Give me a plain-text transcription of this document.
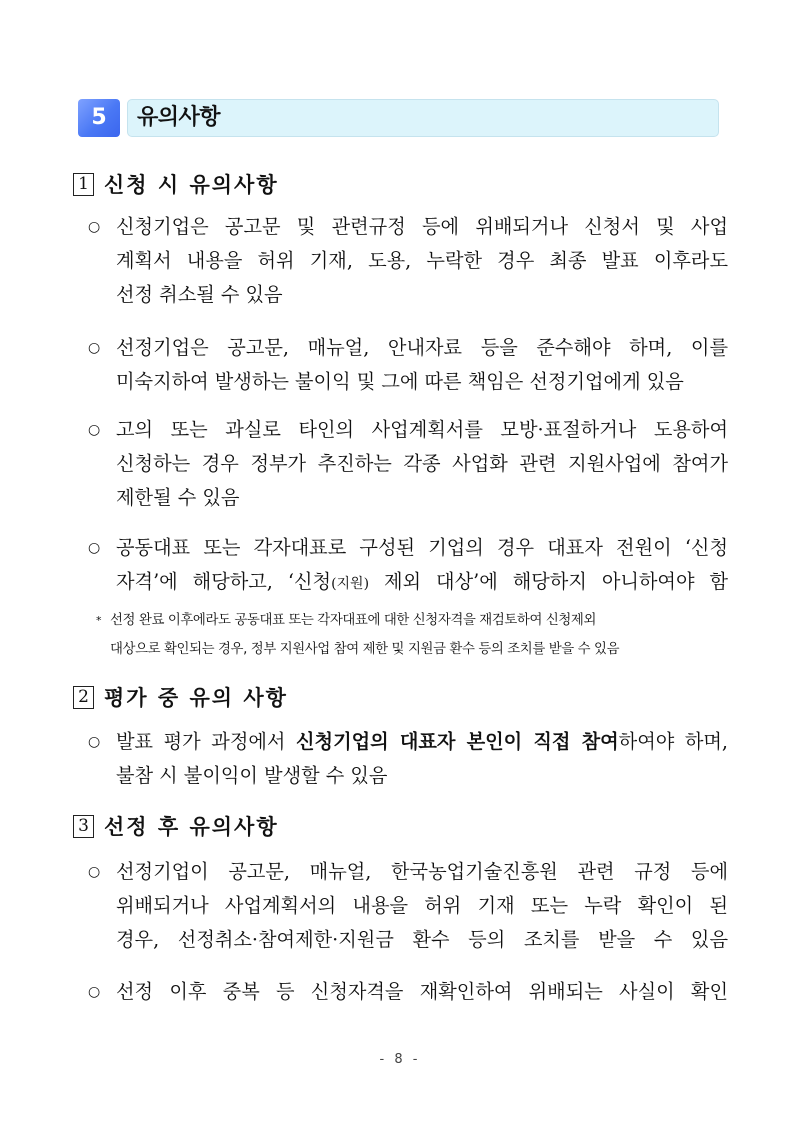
5	유의사항
1 신청 시 유의사항
○ 신청기업은 공고문 및 관련규정 등에 위배되거나 신청서 및 사업
계획서 내용을 허위 기재, 도용, 누락한 경우 최종 발표 이후라도
선정 취소될 수 있음
○ 선정기업은 공고문, 매뉴얼, 안내자료 등을 준수해야 하며, 이를
미숙지하여 발생하는 불이익 및 그에 따른 책임은 선정기업에게 있음
○ 고의 또는 과실로 타인의 사업계획서를 모방·표절하거나 도용하여
신청하는 경우 정부가 추진하는 각종 사업화 관련 지원사업에 참여가
제한될 수 있음
○ 공동대표 또는 각자대표로 구성된 기업의 경우 대표자 전원이 ‘신청
자격’에 해당하고, ‘신청(지원) 제외 대상’에 해당하지 아니하여야 함
* 선정 완료 이후에라도 공동대표 또는 각자대표에 대한 신청자격을 재검토하여 신청제외
대상으로 확인되는 경우, 정부 지원사업 참여 제한 및 지원금 환수 등의 조치를 받을 수 있음
2 평가 중 유의 사항
○ 발표 평가 과정에서 신청기업의 대표자 본인이 직접 참여하여야 하며,
불참 시 불이익이 발생할 수 있음
3 선정 후 유의사항
○ 선정기업이 공고문, 매뉴얼, 한국농업기술진흥원 관련 규정 등에
위배되거나 사업계획서의 내용을 허위 기재 또는 누락 확인이 된
경우, 선정취소·참여제한·지원금 환수 등의 조치를 받을 수 있음
○ 선정 이후 중복 등 신청자격을 재확인하여 위배되는 사실이 확인
- 8 -
